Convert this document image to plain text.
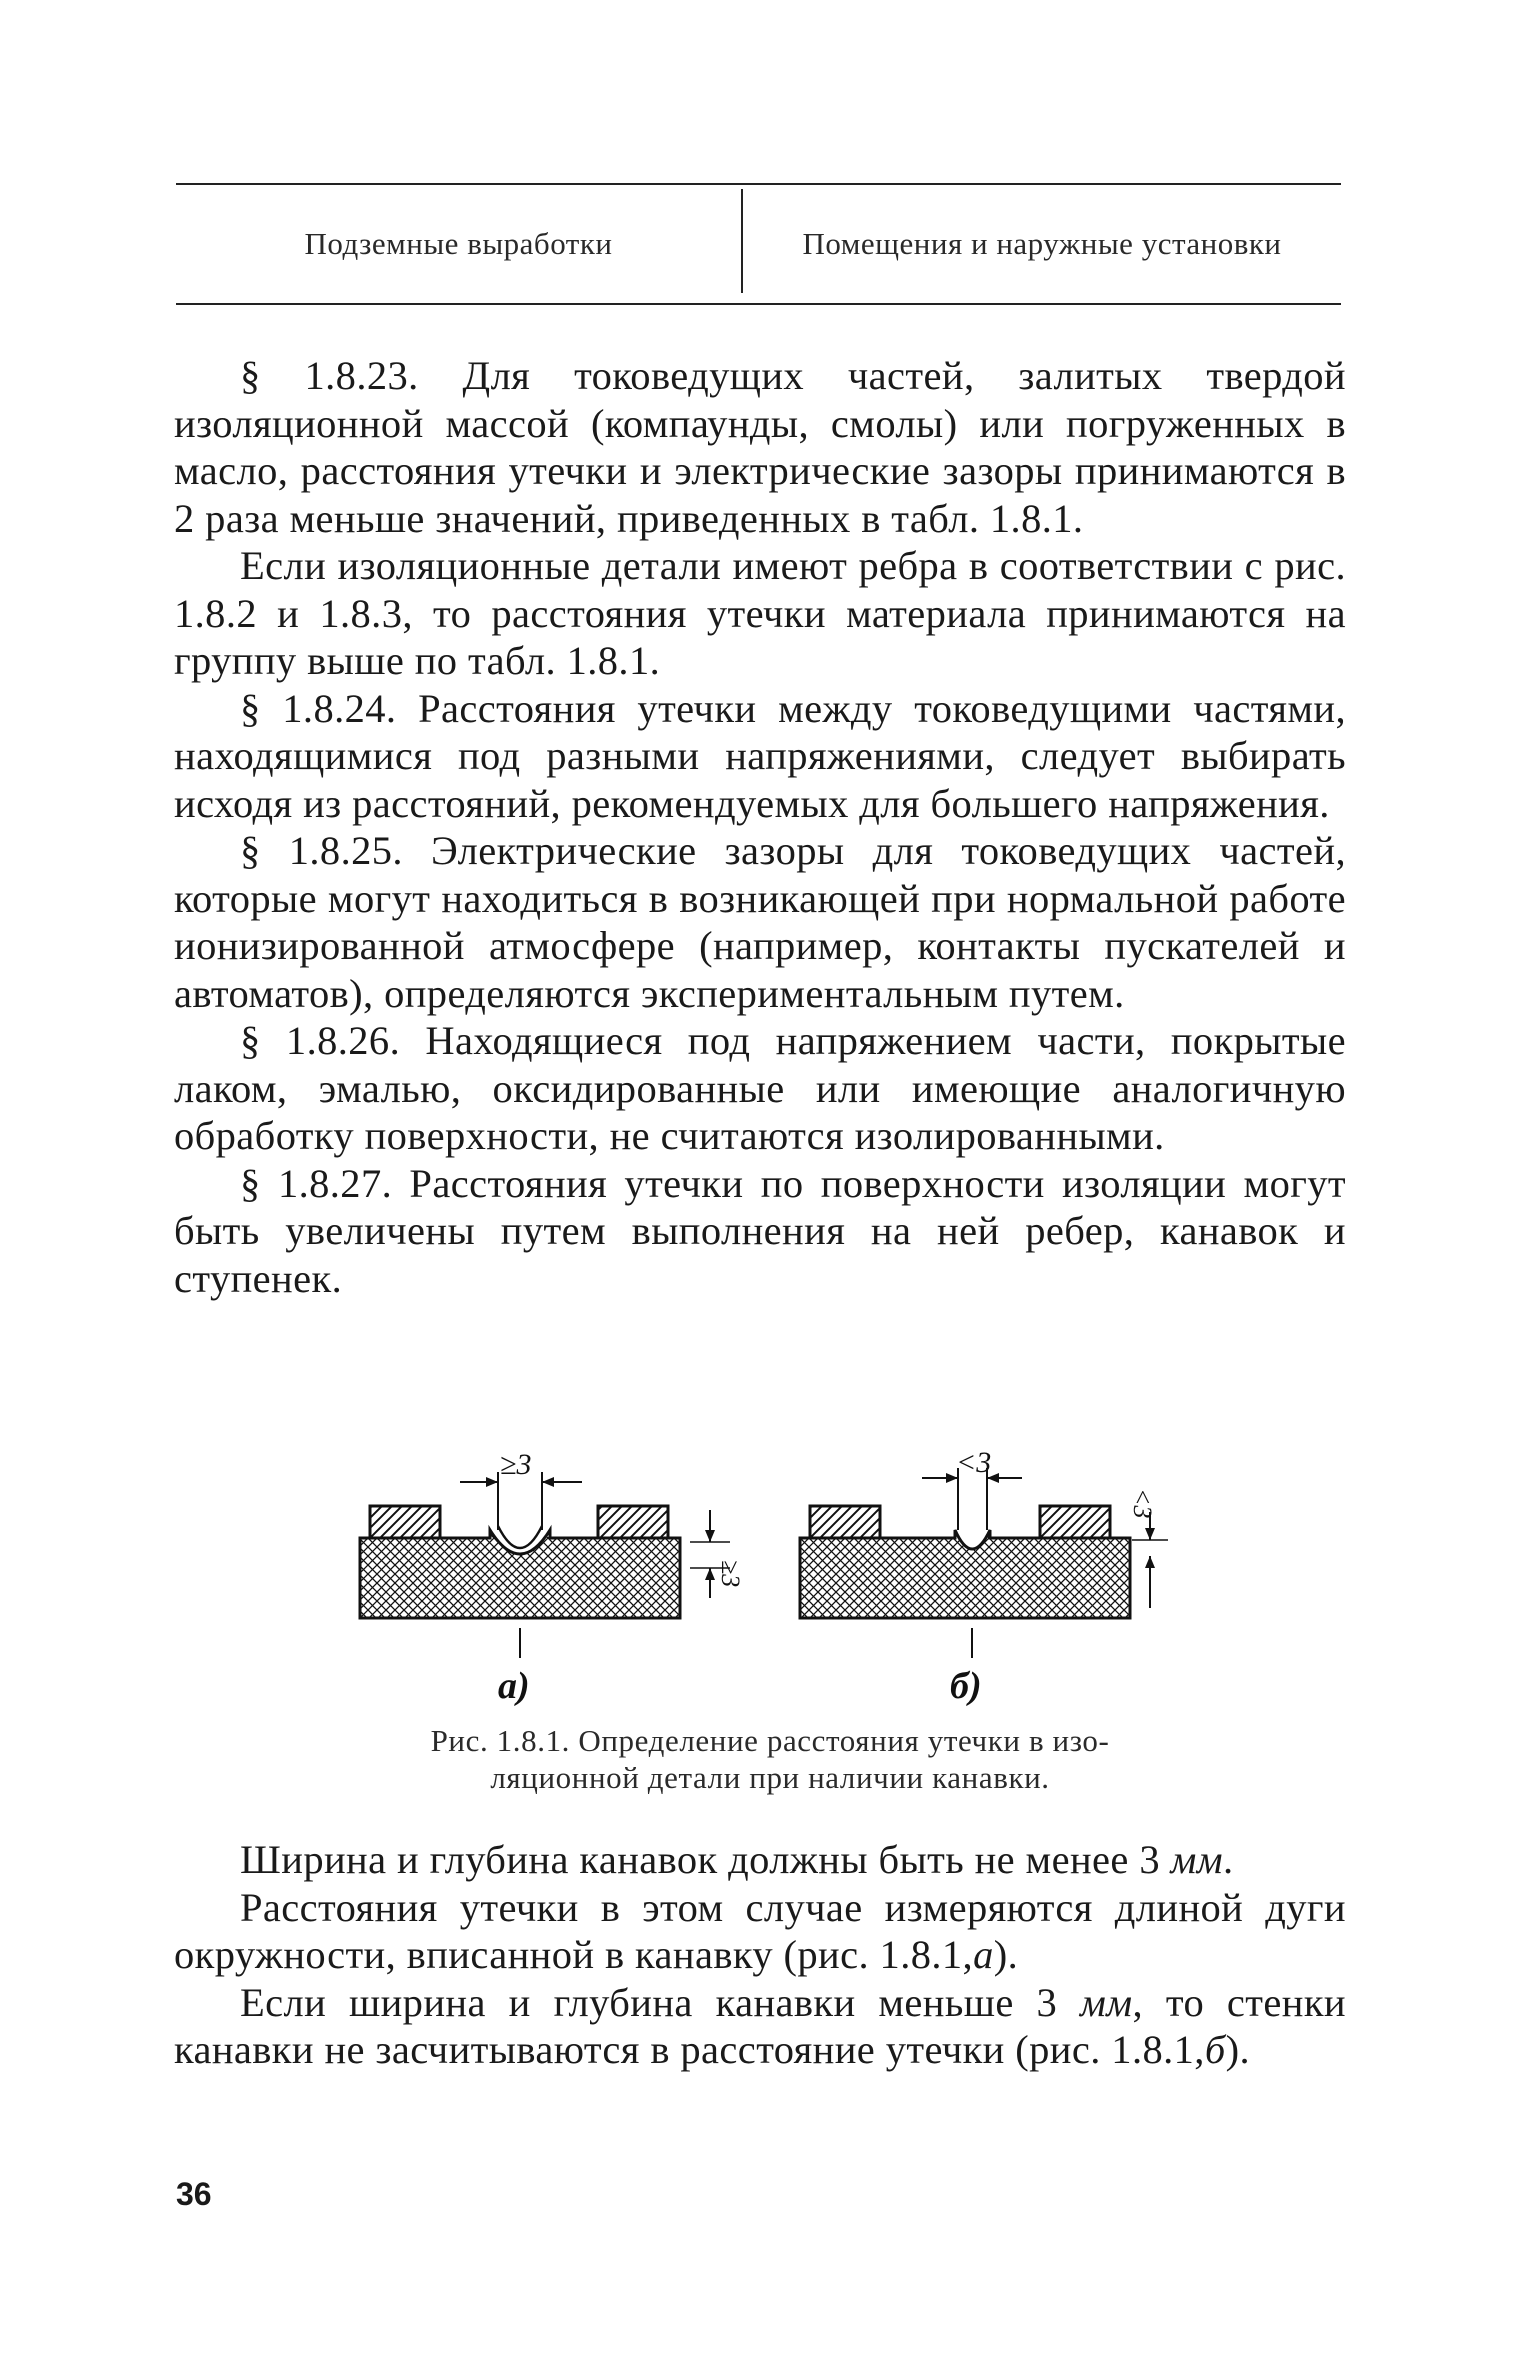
Подземные выработки	Помещения и наружные установки

§ 1.8.23. Для токоведущих частей, залитых твердой изоляционной массой (компаунды, смолы) или погруженных в масло, расстояния утечки и электрические зазоры принимаются в 2 раза меньше значений, приведенных в табл. 1.8.1.

Если изоляционные детали имеют ребра в соответствии с рис. 1.8.2 и 1.8.3, то расстояния утечки материала принимаются на группу выше по табл. 1.8.1.

§ 1.8.24. Расстояния утечки между токоведущими частями, находящимися под разными напряжениями, следует выбирать исходя из расстояний, рекомендуемых для большего напряжения.

§ 1.8.25. Электрические зазоры для токоведущих частей, которые могут находиться в возникающей при нормальной работе ионизированной атмосфере (например, контакты пускателей и автоматов), определяются экспериментальным путем.

§ 1.8.26. Находящиеся под напряжением части, покрытые лаком, эмалью, оксидированные или имеющие аналогичную обработку поверхности, не считаются изолированными.

§ 1.8.27. Расстояния утечки по поверхности изоляции могут быть увеличены путем выполнения на ней ребер, канавок и ступенек.

≥3
≥3
а)
<3
<3
б)
Рис. 1.8.1. Определение расстояния утечки в изо-
ляционной детали при наличии канавки.

Ширина и глубина канавок должны быть не менее 3 мм.

Расстояния утечки в этом случае измеряются длиной дуги окружности, вписанной в канавку (рис. 1.8.1,а).

Если ширина и глубина канавки меньше 3 мм, то стенки канавки не засчитываются в расстояние утечки (рис. 1.8.1,б).

36
